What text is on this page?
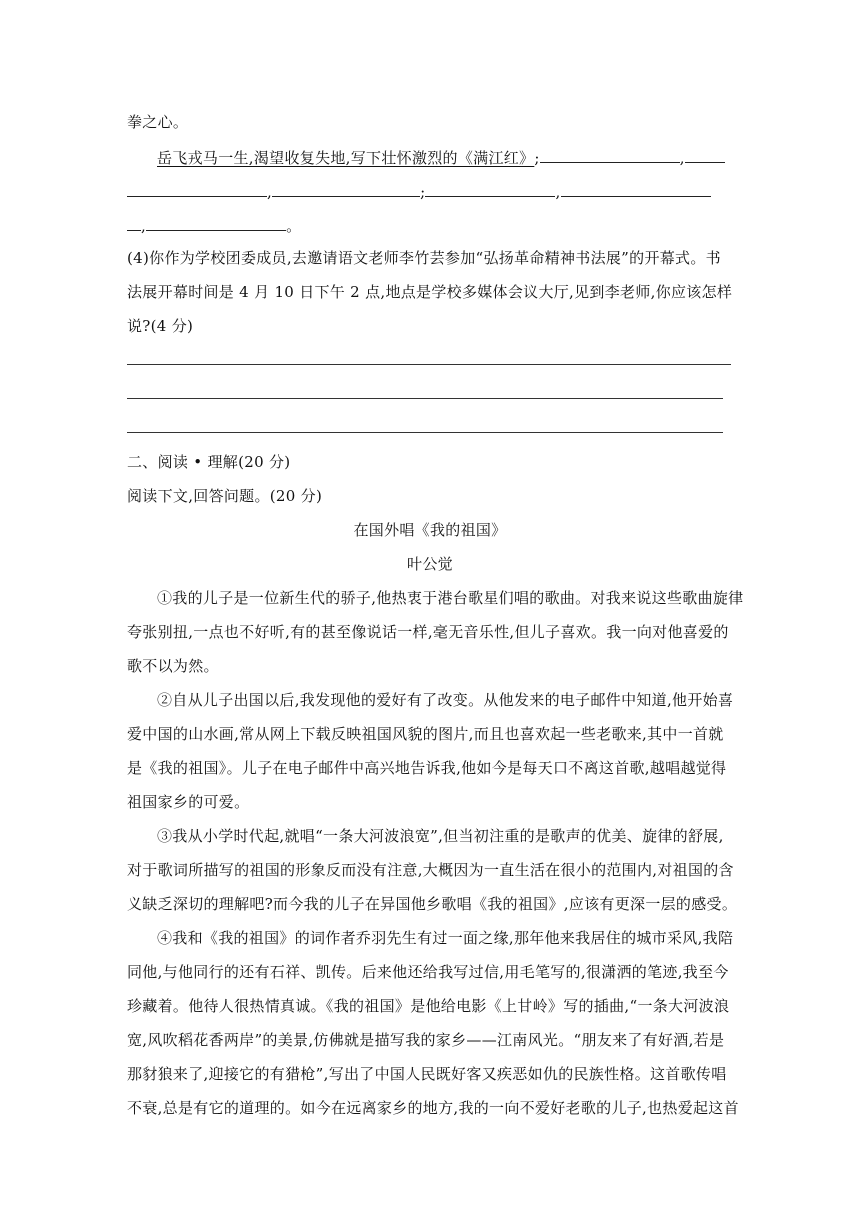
拳之心。
岳飞戎马一生,渴望收复失地,写下壮怀激烈的《满江红》;	,
,	;	,
,	。
(4)你作为学校团委成员,去邀请语文老师李竹芸参加“弘扬革命精神书法展”的开幕式。书
法展开幕时间是 4 月 10 日下午 2 点,地点是学校多媒体会议大厅,见到李老师,你应该怎样
说?(4 分)
二、阅读 • 理解(20 分)
阅读下文,回答问题。(20 分)
在国外唱《我的祖国》
叶公觉
①我的儿子是一位新生代的骄子,他热衷于港台歌星们唱的歌曲。对我来说这些歌曲旋律
夸张别扭,一点也不好听,有的甚至像说话一样,毫无音乐性,但儿子喜欢。我一向对他喜爱的
歌不以为然。
②自从儿子出国以后,我发现他的爱好有了改变。从他发来的电子邮件中知道,他开始喜
爱中国的山水画,常从网上下载反映祖国风貌的图片,而且也喜欢起一些老歌来,其中一首就
是《我的祖国》。儿子在电子邮件中高兴地告诉我,他如今是每天口不离这首歌,越唱越觉得
祖国家乡的可爱。
③我从小学时代起,就唱“一条大河波浪宽”,但当初注重的是歌声的优美、旋律的舒展,
对于歌词所描写的祖国的形象反而没有注意,大概因为一直生活在很小的范围内,对祖国的含
义缺乏深切的理解吧?而今我的儿子在异国他乡歌唱《我的祖国》,应该有更深一层的感受。
④我和《我的祖国》的词作者乔羽先生有过一面之缘,那年他来我居住的城市采风,我陪
同他,与他同行的还有石祥、凯传。后来他还给我写过信,用毛笔写的,很潇洒的笔迹,我至今
珍藏着。他待人很热情真诚。《我的祖国》是他给电影《上甘岭》写的插曲,“一条大河波浪
宽,风吹稻花香两岸”的美景,仿佛就是描写我的家乡——江南风光。“朋友来了有好酒,若是
那豺狼来了,迎接它的有猎枪”,写出了中国人民既好客又疾恶如仇的民族性格。这首歌传唱
不衰,总是有它的道理的。如今在远离家乡的地方,我的一向不爱好老歌的儿子,也热爱起这首
